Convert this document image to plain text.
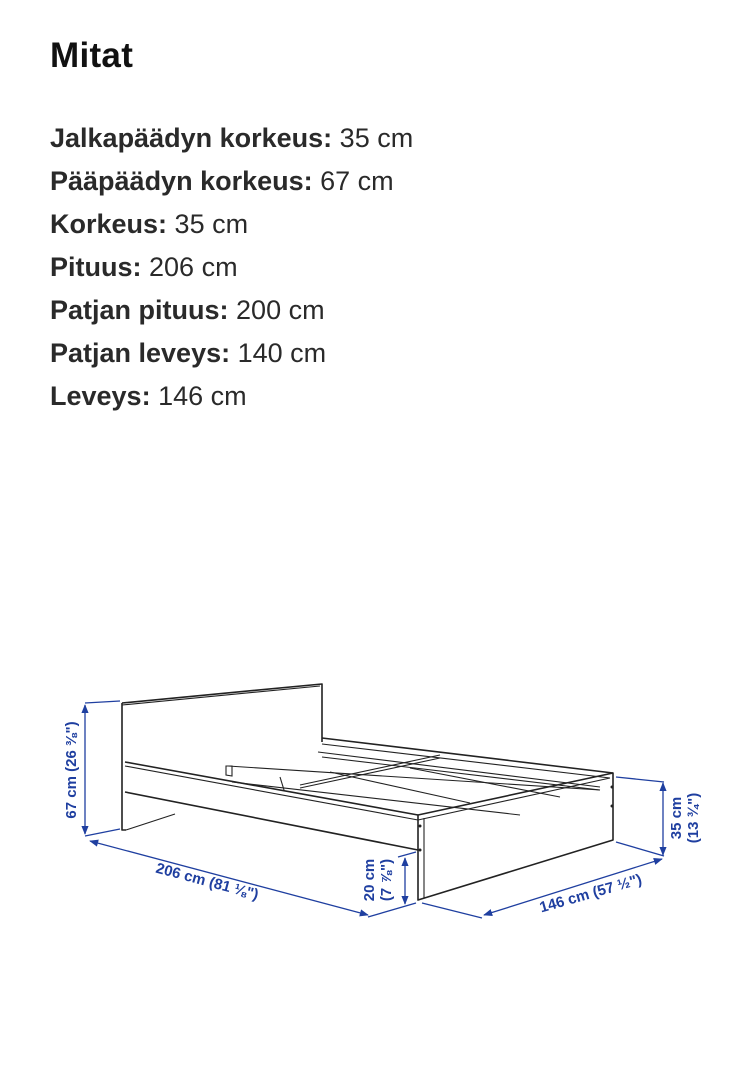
Mitat
Jalkapäädyn korkeus: 35 cm
Pääpäädyn korkeus: 67 cm
Korkeus: 35 cm
Pituus: 206 cm
Patjan pituus: 200 cm
Patjan leveys: 140 cm
Leveys: 146 cm
67 cm (26 ⅜")
206 cm (81 ⅛")	20 cm (7 ⅞")
35 cm (13 ¾")
146 cm (57 ½")
